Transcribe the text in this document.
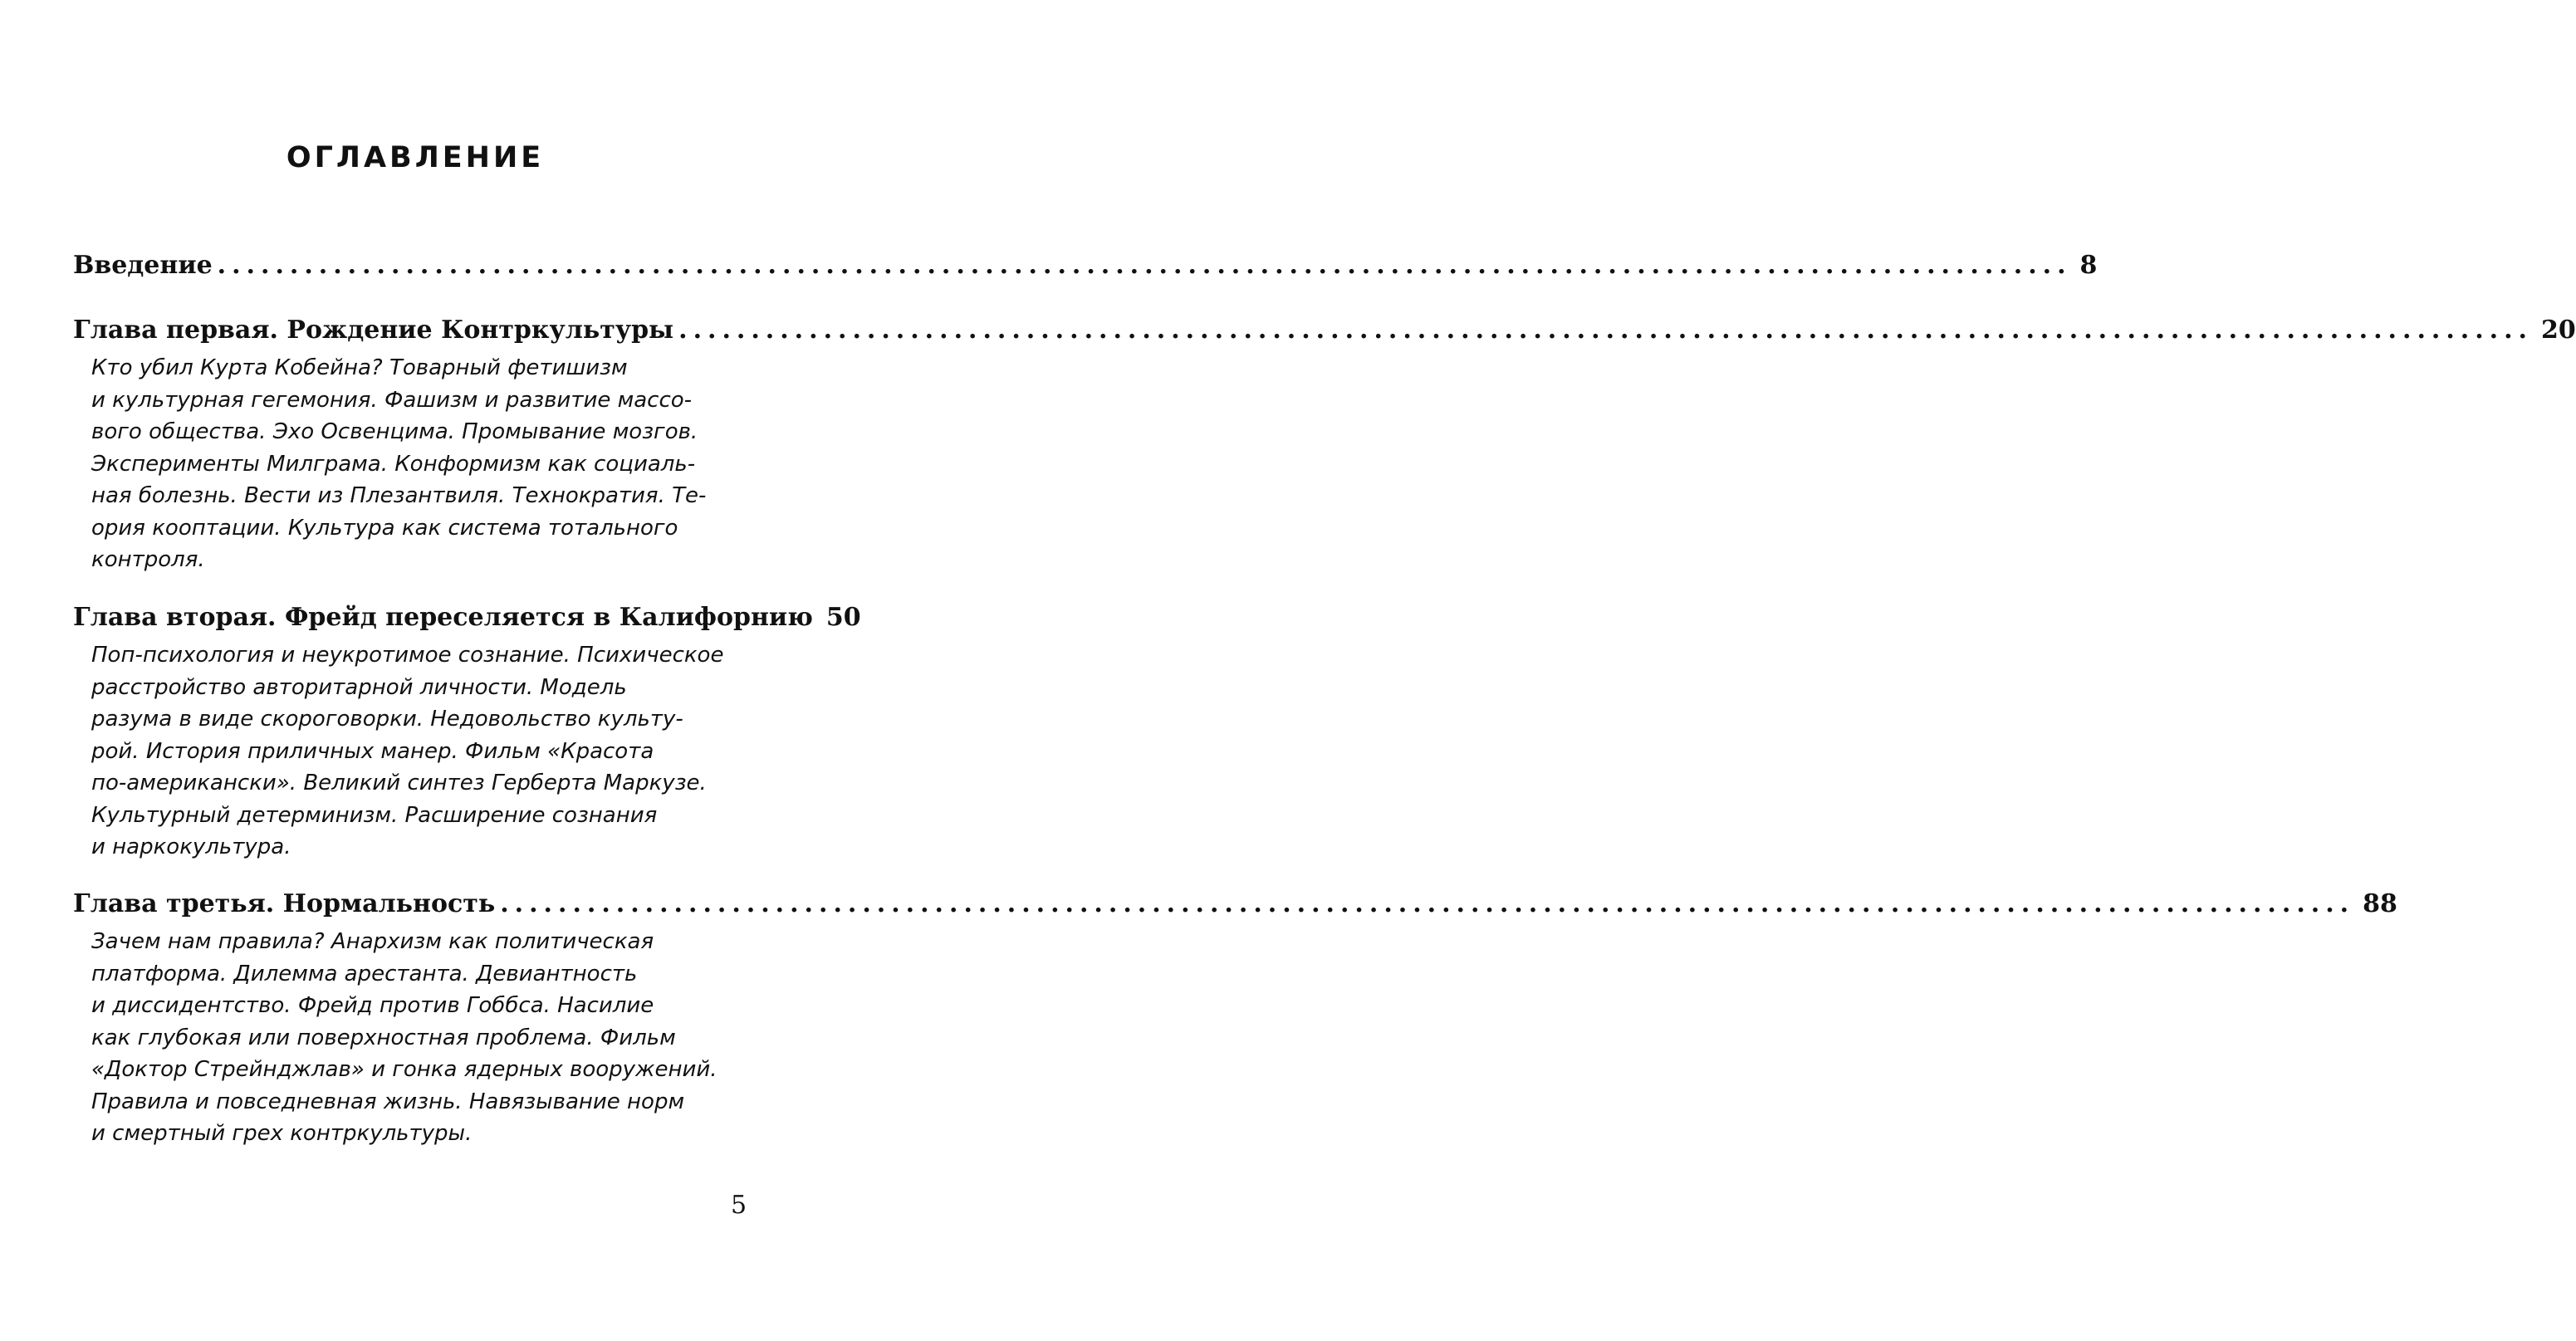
ОГЛАВЛЕНИЕ
Введение .....	8
Глава первая. Рождение Контркультуры .....	20
Кто убил Курта Кобейна? Товарный фетишизм
и культурная гегемония. Фашизм и развитие массо-
вого общества. Эхо Освенцима. Промывание мозгов.
Эксперименты Милграма. Конформизм как социаль-
ная болезнь. Вести из Плезантвиля. Технократия. Те-
ория кооптации. Культура как система тотального
контроля.
Глава вторая. Фрейд переселяется в Калифорнию 50
Поп-психология и неукротимое сознание. Психическое
расстройство авторитарной личности. Модель
разума в виде скороговорки. Недовольство культу-
рой. История приличных манер. Фильм «Красота
по-американски». Великий синтез Герберта Маркузе.
Культурный детерминизм. Расширение сознания
и наркокультура.
Глава третья. Нормальность .....	88
Зачем нам правила? Анархизм как политическая
платформа. Дилемма арестанта. Девиантность
и диссидентство. Фрейд против Гоббса. Насилие
как глубокая или поверхностная проблема. Фильм
«Доктор Стрейнджлав» и гонка ядерных вооружений.
Правила и повседневная жизнь. Навязывание норм
и смертный грех контркультуры.
5
